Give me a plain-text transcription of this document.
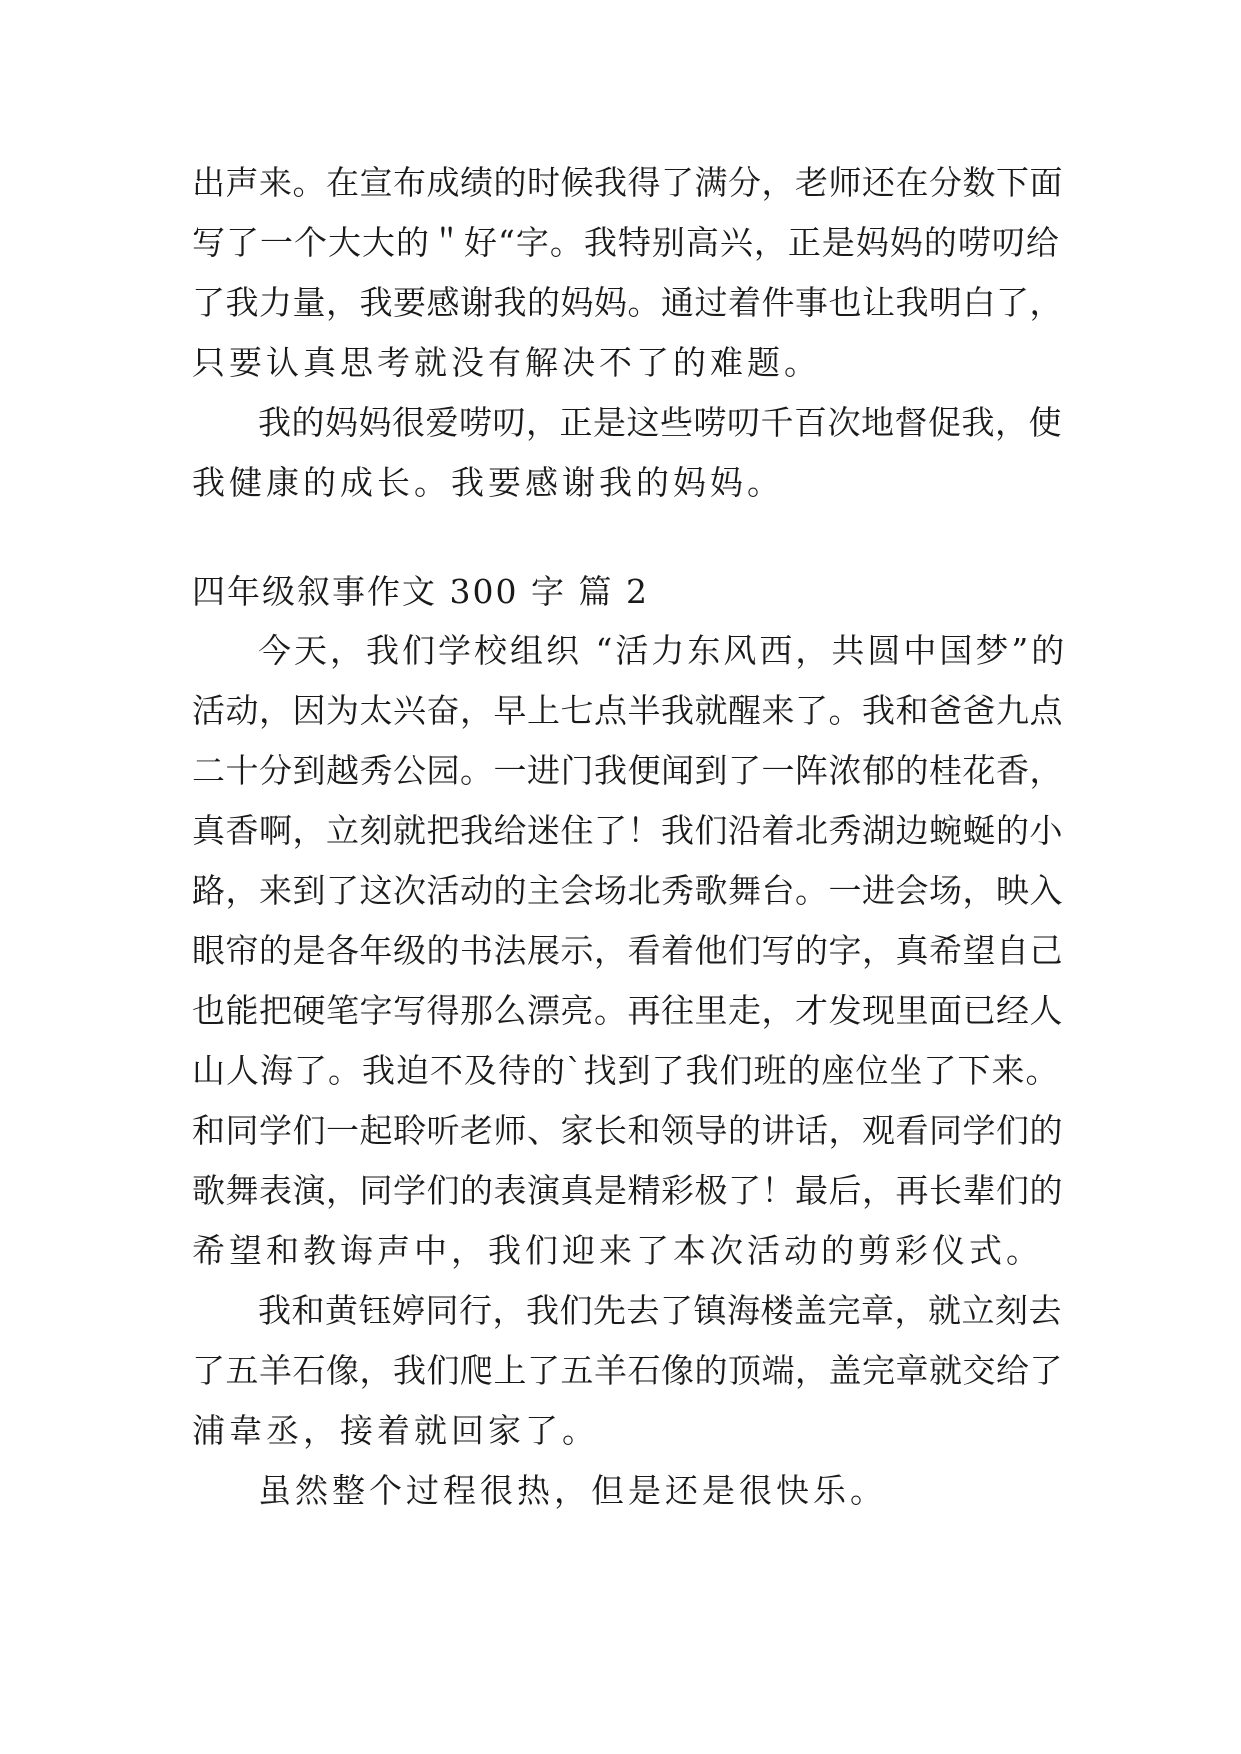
出声来。在宣布成绩的时候我得了满分，老师还在分数下面
写了一个大大的＂好“字。我特别高兴，正是妈妈的唠叨给
了我力量，我要感谢我的妈妈。通过着件事也让我明白了，
只要认真思考就没有解决不了的难题。
我的妈妈很爱唠叨，正是这些唠叨千百次地督促我，使
我健康的成长。我要感谢我的妈妈。
四年级叙事作文 300 字 篇 2
今天，我们学校组织 “活力东风西，共圆中国梦”的
活动，因为太兴奋，早上七点半我就醒来了。我和爸爸九点
二十分到越秀公园。一进门我便闻到了一阵浓郁的桂花香，
真香啊，立刻就把我给迷住了！我们沿着北秀湖边蜿蜒的小
路，来到了这次活动的主会场北秀歌舞台。一进会场，映入
眼帘的是各年级的书法展示，看着他们写的字，真希望自己
也能把硬笔字写得那么漂亮。再往里走，才发现里面已经人
山人海了。我迫不及待的`找到了我们班的座位坐了下来。
和同学们一起聆听老师、家长和领导的讲话，观看同学们的
歌舞表演，同学们的表演真是精彩极了！最后，再长辈们的
希望和教诲声中，我们迎来了本次活动的剪彩仪式。
我和黄钰婷同行，我们先去了镇海楼盖完章，就立刻去
了五羊石像，我们爬上了五羊石像的顶端，盖完章就交给了
浦韋丞，接着就回家了。
虽然整个过程很热，但是还是很快乐。
